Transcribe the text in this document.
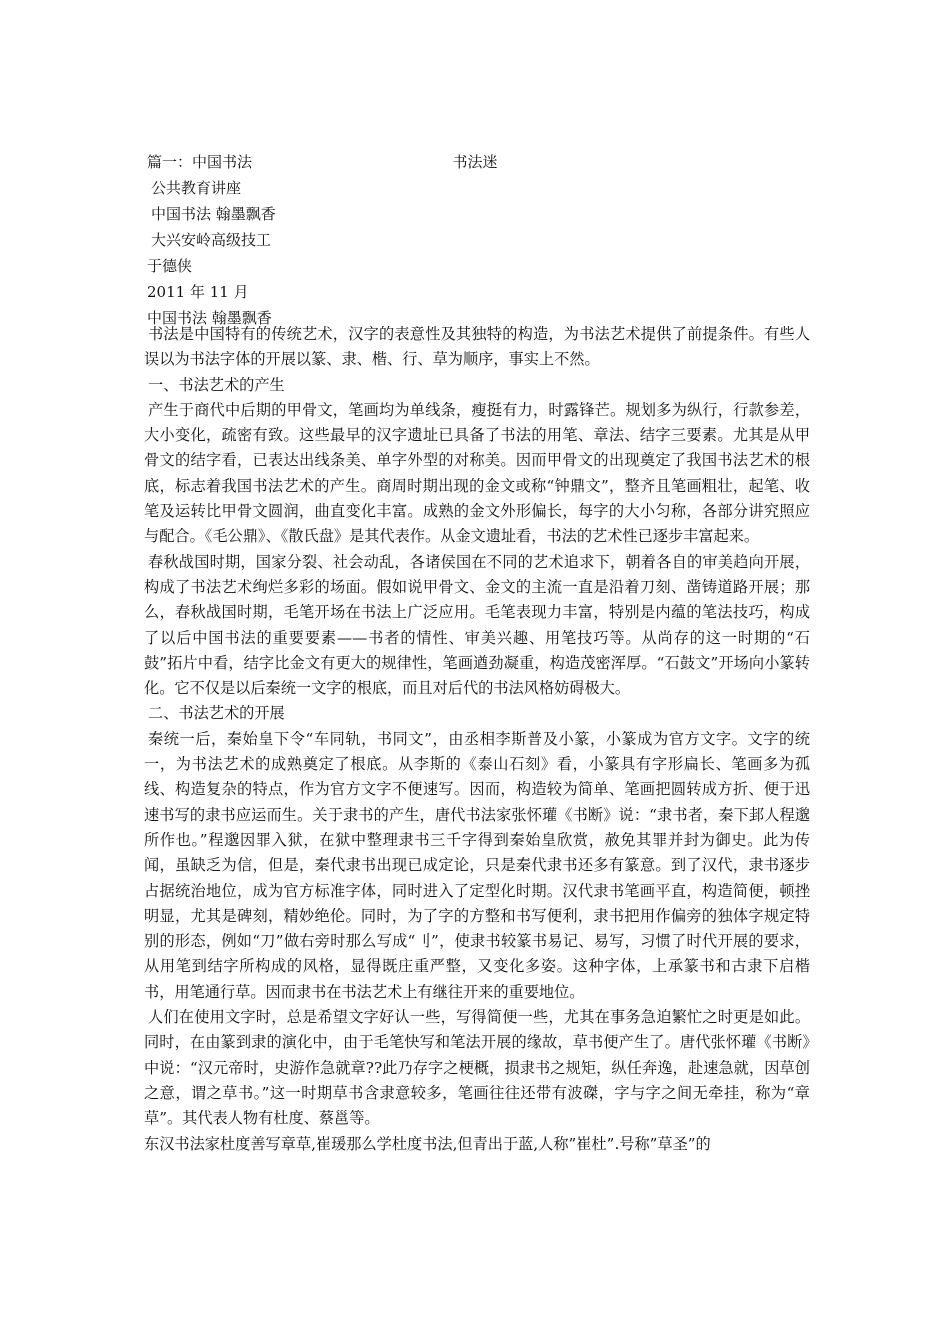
书法迷
篇一：中国书法
公共教育讲座
中国书法 翰墨飘香
大兴安岭高级技工
于德侠
2011 年 11 月
中国书法 翰墨飘香

书法是中国特有的传统艺术，汉字的表意性及其独特的构造，为书法艺术提供了前提条件。有些人误以为书法字体的开展以篆、隶、楷、行、草为顺序，事实上不然。

一、书法艺术的产生

产生于商代中后期的甲骨文，笔画均为单线条，瘦挺有力，时露锋芒。规划多为纵行，行款参差，大小变化，疏密有致。这些最早的汉字遗址已具备了书法的用笔、章法、结字三要素。尤其是从甲骨文的结字看，已表达出线条美、单字外型的对称美。因而甲骨文的出现奠定了我国书法艺术的根底，标志着我国书法艺术的产生。商周时期出现的金文或称“钟鼎文”，整齐且笔画粗壮，起笔、收笔及运转比甲骨文圆润，曲直变化丰富。成熟的金文外形偏长，每字的大小匀称，各部分讲究照应与配合。《毛公鼎》、《散氏盘》是其代表作。从金文遗址看，书法的艺术性已逐步丰富起来。

春秋战国时期，国家分裂、社会动乱，各诸侯国在不同的艺术追求下，朝着各自的审美趋向开展，构成了书法艺术绚烂多彩的场面。假如说甲骨文、金文的主流一直是沿着刀刻、凿铸道路开展；那么，春秋战国时期，毛笔开场在书法上广泛应用。毛笔表现力丰富，特别是内蕴的笔法技巧，构成了以后中国书法的重要要素——书者的情性、审美兴趣、用笔技巧等。从尚存的这一时期的“石鼓”拓片中看，结字比金文有更大的规律性，笔画遒劲凝重，构造茂密浑厚。“石鼓文”开场向小篆转化。它不仅是以后秦统一文字的根底，而且对后代的书法风格妨碍极大。

二、书法艺术的开展

秦统一后，秦始皇下令“车同轨，书同文”，由丞相李斯普及小篆，小篆成为官方文字。文字的统一，为书法艺术的成熟奠定了根底。从李斯的《泰山石刻》看，小篆具有字形扁长、笔画多为孤线、构造复杂的特点，作为官方文字不便速写。因而，构造较为简单、笔画把圆转成方折、便于迅速书写的隶书应运而生。关于隶书的产生，唐代书法家张怀瓘《书断》说：“隶书者，秦下邽人程邈所作也。”程邈因罪入狱，在狱中整理隶书三千字得到秦始皇欣赏，赦免其罪并封为御史。此为传闻，虽缺乏为信，但是，秦代隶书出现已成定论，只是秦代隶书还多有篆意。到了汉代，隶书逐步占据统治地位，成为官方标准字体，同时进入了定型化时期。汉代隶书笔画平直，构造简便，顿挫明显，尤其是碑刻，精妙绝伦。同时，为了字的方整和书写便利，隶书把用作偏旁的独体字规定特别的形态，例如“刀”做右旁时那么写成“刂”，使隶书较篆书易记、易写，习惯了时代开展的要求，从用笔到结字所构成的风格，显得既庄重严整，又变化多姿。这种字体，上承篆书和古隶下启楷书，用笔通行草。因而隶书在书法艺术上有继往开来的重要地位。

人们在使用文字时，总是希望文字好认一些，写得简便一些，尤其在事务急迫繁忙之时更是如此。同时，在由篆到隶的演化中，由于毛笔快写和笔法开展的缘故，草书便产生了。唐代张怀瓘《书断》中说：“汉元帝时，史游作急就章??此乃存字之梗概，损隶书之规矩，纵任奔逸，赴速急就，因草创之意，谓之草书。”这一时期草书含隶意较多，笔画往往还带有波磔，字与字之间无牵挂，称为“章草”。其代表人物有杜度、蔡邕等。

东汉书法家杜度善写章草,崔瑗那么学杜度书法,但青出于蓝,人称”崔杜”.号称”草圣”的
